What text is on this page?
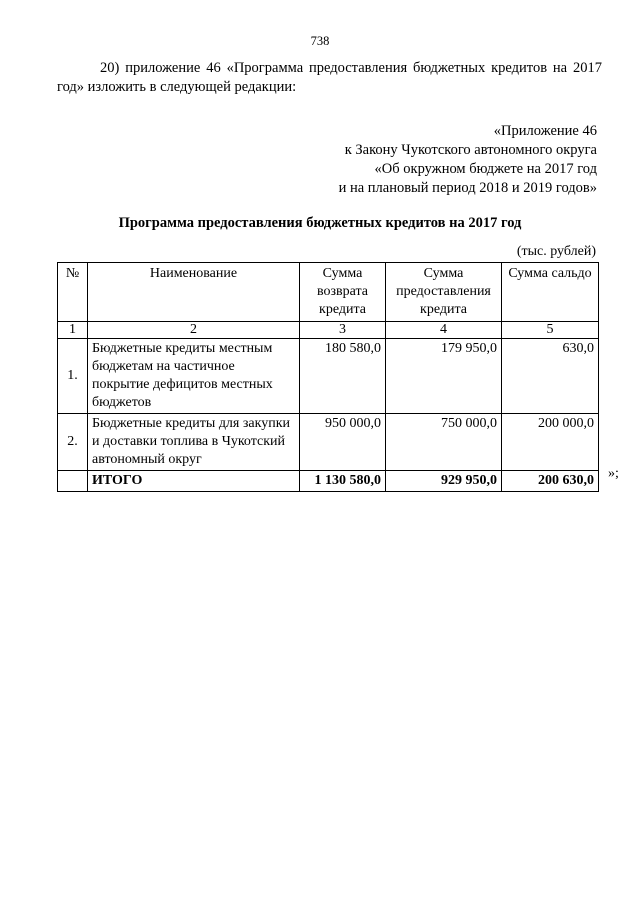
738
20) приложение 46 «Программа предоставления бюджетных кредитов на 2017 год» изложить в следующей редакции:
«Приложение 46
к Закону Чукотского автономного округа
«Об окружном бюджете на 2017 год
и на плановый период 2018 и 2019 годов»
Программа предоставления бюджетных кредитов на 2017 год
(тыс. рублей)
№	Наименование	Сумма возврата кредита	Сумма предоставления кредита	Сумма сальдо
1	2	3	4	5
1.	Бюджетные кредиты местным бюджетам на частичное покрытие дефицитов местных бюджетов	180 580,0	179 950,0	630,0
2.	Бюджетные кредиты для закупки и доставки топлива в Чукотский автономный округ	950 000,0	750 000,0	200 000,0
	ИТОГО	1 130 580,0	929 950,0	200 630,0 »;
